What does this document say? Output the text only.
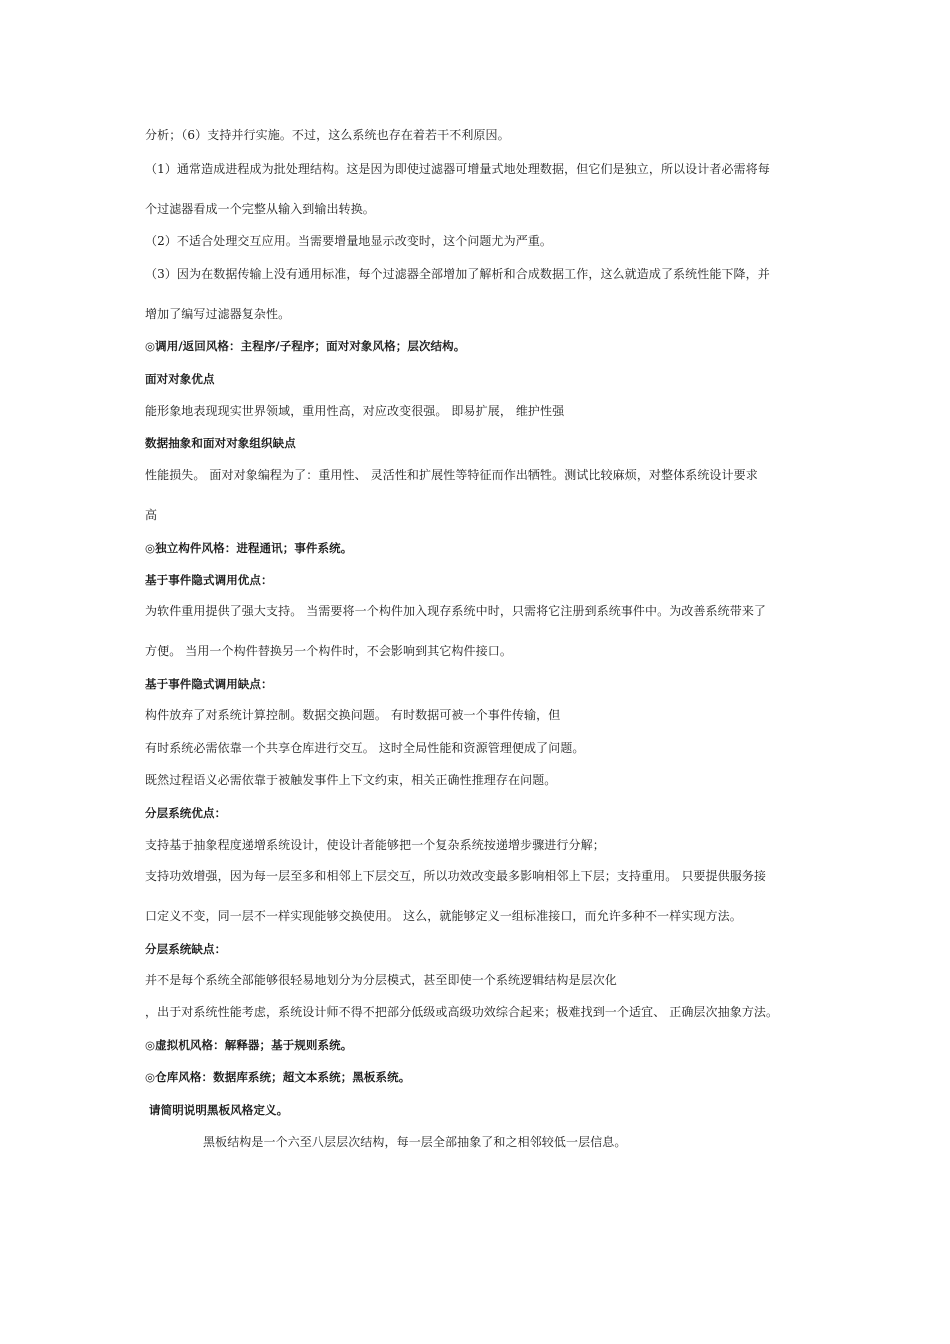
分析；（6）支持并行实施。不过，这么系统也存在着若干不利原因。
（1）通常造成进程成为批处理结构。这是因为即使过滤器可增量式地处理数据，但它们是独立，所以设计者必需将每
个过滤器看成一个完整从输入到输出转换。
（2）不适合处理交互应用。当需要增量地显示改变时，这个问题尤为严重。
（3）因为在数据传输上没有通用标准，每个过滤器全部增加了解析和合成数据工作，这么就造成了系统性能下降，并
增加了编写过滤器复杂性。
◎调用/返回风格：主程序/子程序；面对对象风格；层次结构。
面对对象优点
能形象地表现现实世界领域，重用性高，对应改变很强。 即易扩展， 维护性强
数据抽象和面对对象组织缺点
性能损失。 面对对象编程为了：重用性、 灵活性和扩展性等特征而作出牺牲。测试比较麻烦，对整体系统设计要求
高
◎独立构件风格：进程通讯；事件系统。
基于事件隐式调用优点：
为软件重用提供了强大支持。 当需要将一个构件加入现存系统中时，只需将它注册到系统事件中。为改善系统带来了
方便。 当用一个构件替换另一个构件时，不会影响到其它构件接口。
基于事件隐式调用缺点：
构件放弃了对系统计算控制。数据交换问题。 有时数据可被一个事件传输，但
有时系统必需依靠一个共享仓库进行交互。 这时全局性能和资源管理便成了问题。
既然过程语义必需依靠于被触发事件上下文约束，相关正确性推理存在问题。
分层系统优点：
支持基于抽象程度递增系统设计，使设计者能够把一个复杂系统按递增步骤进行分解；
支持功效增强，因为每一层至多和相邻上下层交互，所以功效改变最多影响相邻上下层；支持重用。 只要提供服务接
口定义不变，同一层不一样实现能够交换使用。 这么，就能够定义一组标准接口，而允许多种不一样实现方法。
分层系统缺点：
并不是每个系统全部能够很轻易地划分为分层模式，甚至即使一个系统逻辑结构是层次化
，出于对系统性能考虑，系统设计师不得不把部分低级或高级功效综合起来；极难找到一个适宜、 正确层次抽象方法。
◎虚拟机风格：解释器；基于规则系统。
◎仓库风格：数据库系统；超文本系统；黑板系统。
请简明说明黑板风格定义。
黑板结构是一个六至八层层次结构，每一层全部抽象了和之相邻较低一层信息。
